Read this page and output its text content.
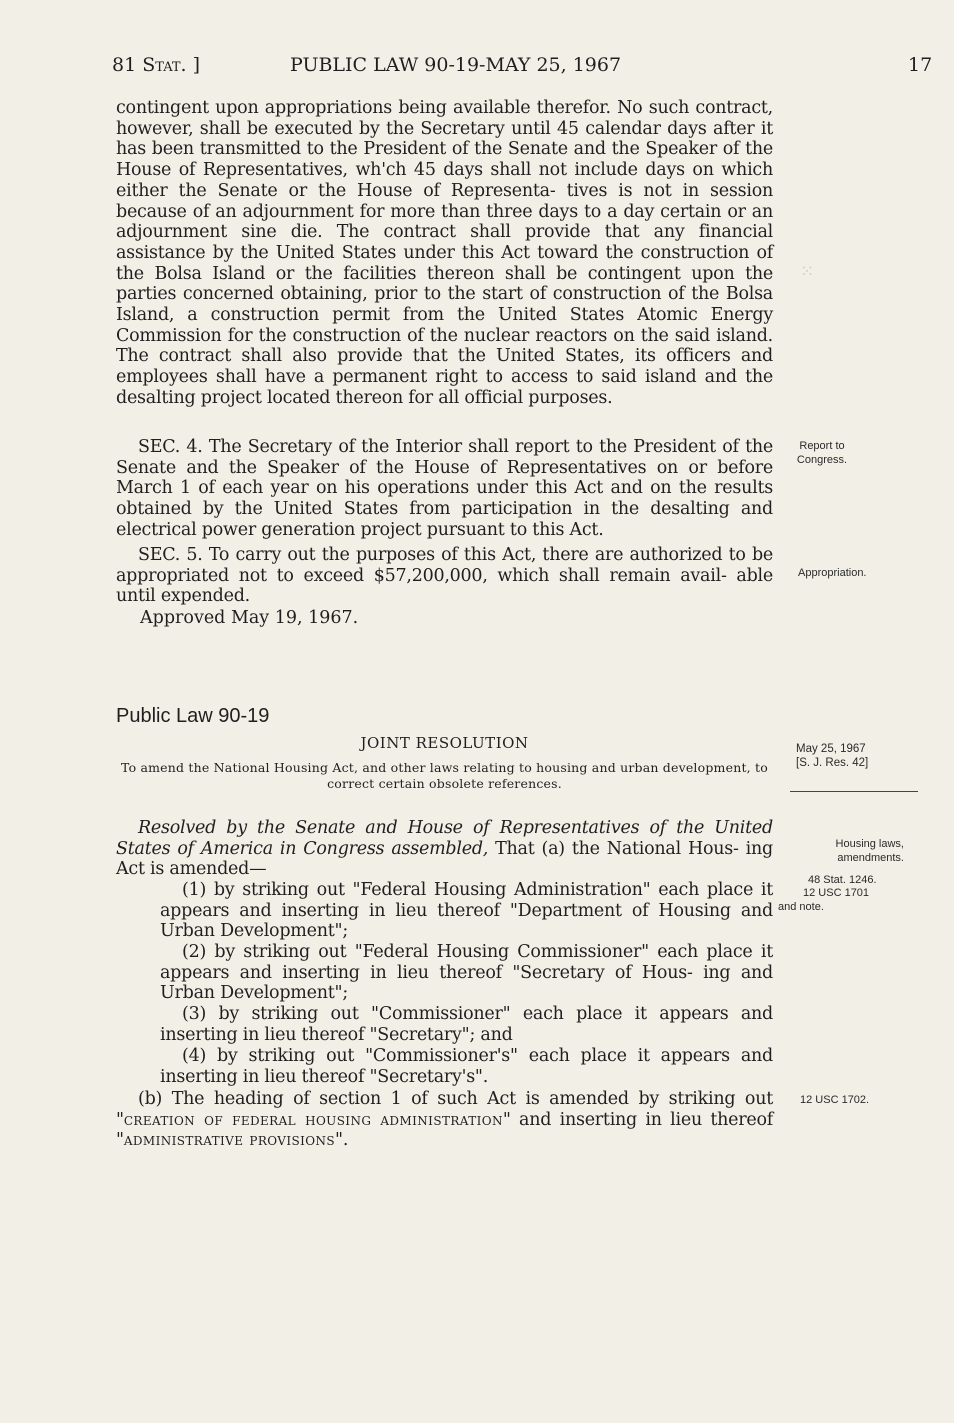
81 Stat. ]	PUBLIC LAW 90-19-MAY 25, 1967	17
⁙

contingent upon appropriations being available therefor. No such contract, however, shall be executed by the Secretary until 45 calendar days after it has been transmitted to the President of the Senate and the Speaker of the House of Representatives, wh'ch 45 days shall not include days on which either the Senate or the House of Representa- tives is not in session because of an adjournment for more than three days to a day certain or an adjournment sine die. The contract shall provide that any financial assistance by the United States under this Act toward the construction of the Bolsa Island or the facilities thereon shall be contingent upon the parties concerned obtaining, prior to the start of construction of the Bolsa Island, a construction permit from the United States Atomic Energy Commission for the construction of the nuclear reactors on the said island. The contract shall also provide that the United States, its officers and employees shall have a permanent right to access to said island and the desalting project located thereon for all official purposes.

SEC. 4. The Secretary of the Interior shall report to the President of the Senate and the Speaker of the House of Representatives on or before March 1 of each year on his operations under this Act and on the results obtained by the United States from participation in the desalting and electrical power generation project pursuant to this Act.

SEC. 5. To carry out the purposes of this Act, there are authorized to be appropriated not to exceed $57,200,000, which shall remain avail- able until expended.

Approved May 19, 1967.
Public Law 90-19
JOINT RESOLUTION
To amend the National Housing Act, and other laws relating to housing and urban development, to correct certain obsolete references.

Resolved by the Senate and House of Representatives of the United States of America in Congress assembled, That (a) the National Hous- ing Act is amended—

(1) by striking out "Federal Housing Administration" each place it appears and inserting in lieu thereof "Department of Housing and Urban Development";

(2) by striking out "Federal Housing Commissioner" each place it appears and inserting in lieu thereof "Secretary of Hous- ing and Urban Development";

(3) by striking out "Commissioner" each place it appears and inserting in lieu thereof "Secretary"; and

(4) by striking out "Commissioner's" each place it appears and inserting in lieu thereof "Secretary's".

(b) The heading of section 1 of such Act is amended by striking out "creation of federal housing administration" and inserting in lieu thereof "administrative provisions".

Report to Congress.
Appropriation.
May 25, 1967
[S. J. Res. 42]
Housing laws, amendments.
48 Stat. 1246.
12 USC 1701
and note.
12 USC 1702.
